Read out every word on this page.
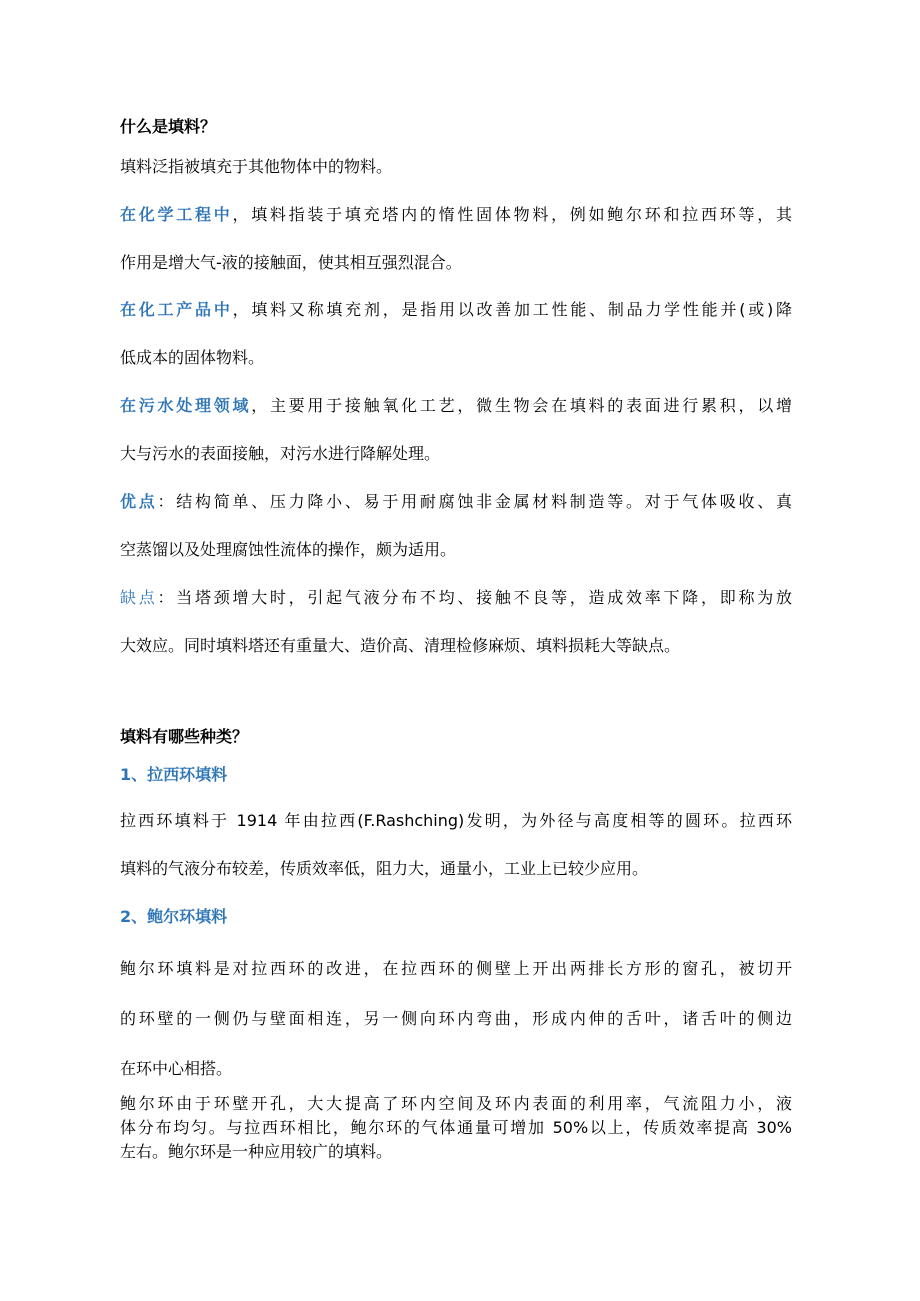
什么是填料？
填料泛指被填充于其他物体中的物料。
在化学工程中，填料指装于填充塔内的惰性固体物料，例如鲍尔环和拉西环等，其
作用是增大气-液的接触面，使其相互强烈混合。
在化工产品中，填料又称填充剂，是指用以改善加工性能、制品力学性能并(或)降
低成本的固体物料。
在污水处理领域，主要用于接触氧化工艺，微生物会在填料的表面进行累积，以增
大与污水的表面接触，对污水进行降解处理。
优点：结构简单、压力降小、易于用耐腐蚀非金属材料制造等。对于气体吸收、真
空蒸馏以及处理腐蚀性流体的操作，颇为适用。
缺点：当塔颈增大时，引起气液分布不均、接触不良等，造成效率下降，即称为放
大效应。同时填料塔还有重量大、造价高、清理检修麻烦、填料损耗大等缺点。
填料有哪些种类？
1、拉西环填料
拉西环填料于 1914 年由拉西(F.Rashching)发明，为外径与高度相等的圆环。拉西环
填料的气液分布较差，传质效率低，阻力大，通量小，工业上已较少应用。
2、鲍尔环填料
鲍尔环填料是对拉西环的改进，在拉西环的侧壁上开出两排长方形的窗孔，被切开
的环壁的一侧仍与壁面相连，另一侧向环内弯曲，形成内伸的舌叶，诸舌叶的侧边
在环中心相搭。
鲍尔环由于环壁开孔，大大提高了环内空间及环内表面的利用率，气流阻力小，液
体分布均匀。与拉西环相比，鲍尔环的气体通量可增加 50%以上，传质效率提高 30%
左右。鲍尔环是一种应用较广的填料。
